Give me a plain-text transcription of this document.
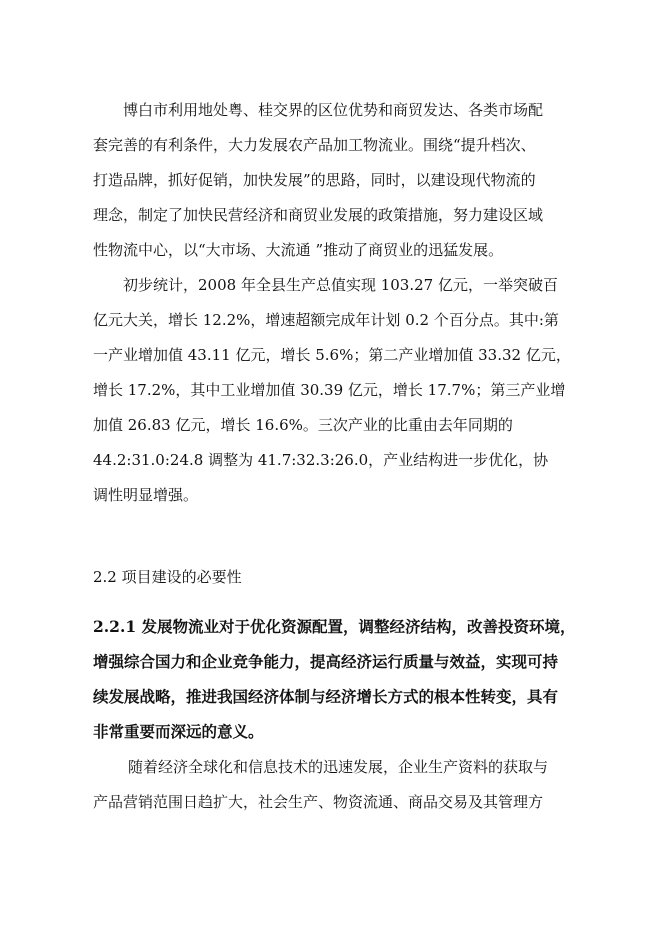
博白市利用地处粤、桂交界的区位优势和商贸发达、各类市场配
套完善的有利条件，大力发展农产品加工物流业。围绕“提升档次、
打造品牌，抓好促销，加快发展”的思路，同时，以建设现代物流的
理念，制定了加快民营经济和商贸业发展的政策措施，努力建设区域
性物流中心，以“大市场、大流通 ”推动了商贸业的迅猛发展。
初步统计，2008 年全县生产总值实现 103.27 亿元，一举突破百
亿元大关，增长 12.2%，增速超额完成年计划 0.2 个百分点。其中:第
一产业增加值 43.11 亿元，增长 5.6%；第二产业增加值 33.32 亿元，
增长 17.2%，其中工业增加值 30.39 亿元，增长 17.7%；第三产业增
加值 26.83 亿元，增长 16.6%。三次产业的比重由去年同期的
44.2:31.0:24.8 调整为 41.7:32.3:26.0，产业结构进一步优化，协
调性明显增强。
2.2 项目建设的必要性
2.2.1 发展物流业对于优化资源配置，调整经济结构，改善投资环境，
增强综合国力和企业竞争能力，提高经济运行质量与效益，实现可持
续发展战略，推进我国经济体制与经济增长方式的根本性转变，具有
非常重要而深远的意义。
随着经济全球化和信息技术的迅速发展，企业生产资料的获取与
产品营销范围日趋扩大，社会生产、物资流通、商品交易及其管理方
